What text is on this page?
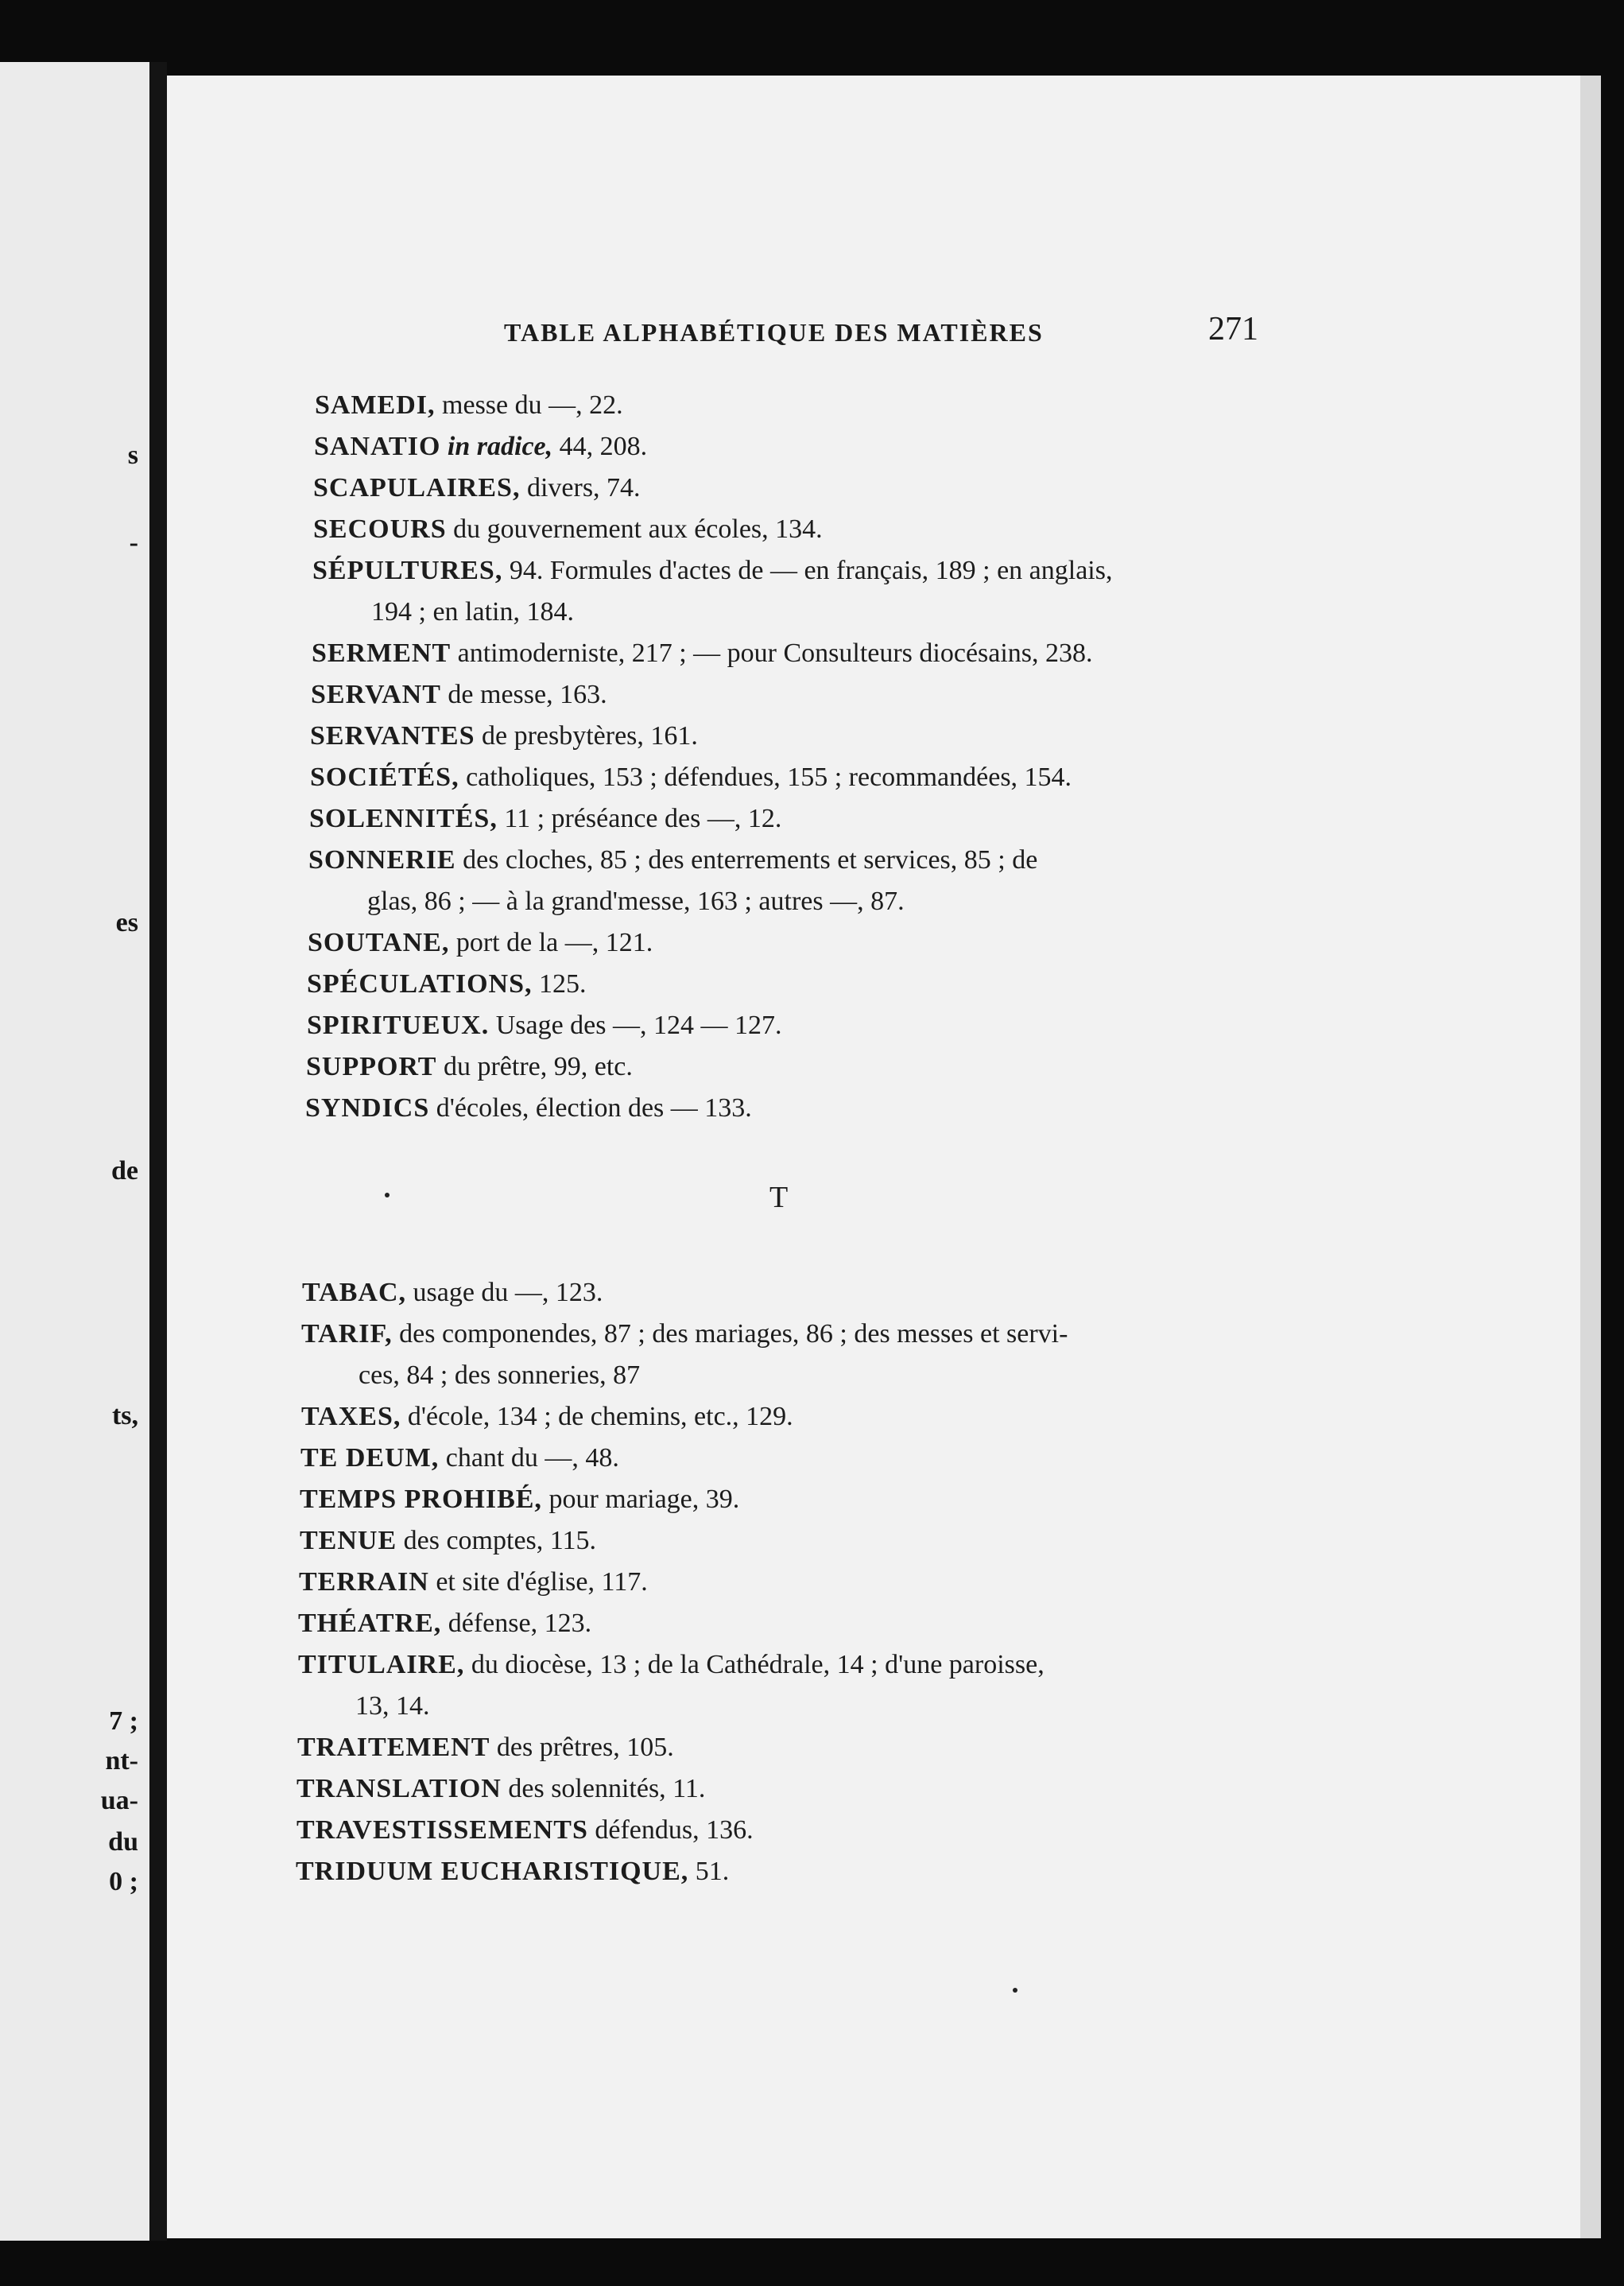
s
-
es
de
ts,
7 ;
nt-
ua-
du
0 ;
TABLE ALPHABÉTIQUE DES MATIÈRES	271
SAMEDI, messe du —, 22.
SANATIO in radice, 44, 208.
SCAPULAIRES, divers, 74.
SECOURS du gouvernement aux écoles, 134.
SÉPULTURES, 94. Formules d'actes de — en français, 189 ; en anglais,
194 ; en latin, 184.
SERMENT antimoderniste, 217 ; — pour Consulteurs diocésains, 238.
SERVANT de messe, 163.
SERVANTES de presbytères, 161.
SOCIÉTÉS, catholiques, 153 ; défendues, 155 ; recommandées, 154.
SOLENNITÉS, 11 ; préséance des —, 12.
SONNERIE des cloches, 85 ; des enterrements et services, 85 ; de
glas, 86 ; — à la grand'messe, 163 ; autres —, 87.
SOUTANE, port de la —, 121.
SPÉCULATIONS, 125.
SPIRITUEUX. Usage des —, 124 — 127.
SUPPORT du prêtre, 99, etc.
SYNDICS d'écoles, élection des — 133.
T
TABAC, usage du —, 123.
TARIF, des componendes, 87 ; des mariages, 86 ; des messes et servi-
ces, 84 ; des sonneries, 87
TAXES, d'école, 134 ; de chemins, etc., 129.
TE DEUM, chant du —, 48.
TEMPS PROHIBÉ, pour mariage, 39.
TENUE des comptes, 115.
TERRAIN et site d'église, 117.
THÉATRE, défense, 123.
TITULAIRE, du diocèse, 13 ; de la Cathédrale, 14 ; d'une paroisse,
13, 14.
TRAITEMENT des prêtres, 105.
TRANSLATION des solennités, 11.
TRAVESTISSEMENTS défendus, 136.
TRIDUUM EUCHARISTIQUE, 51.
